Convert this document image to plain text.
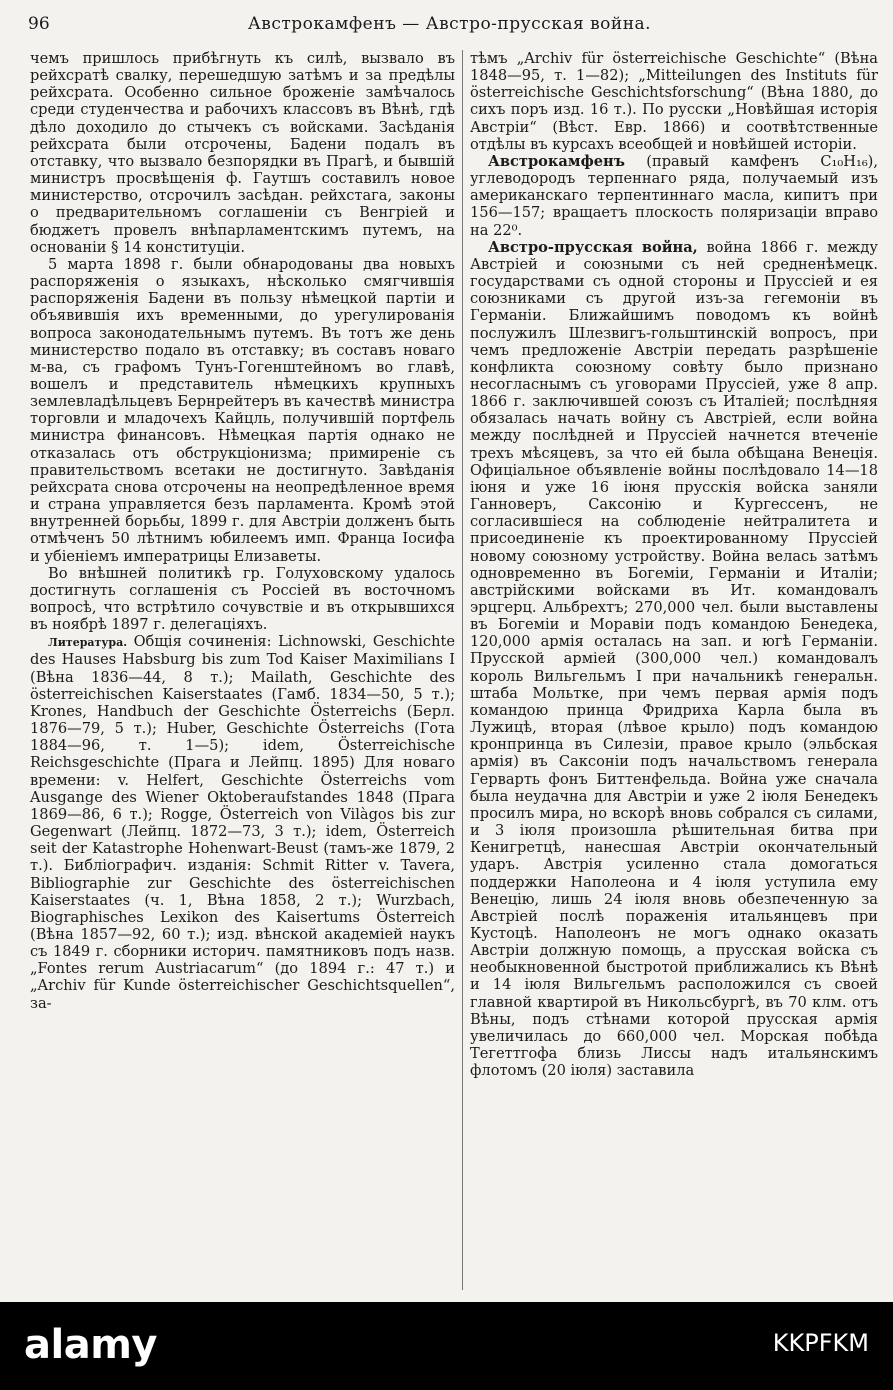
96	Австрокамфенъ — Австро-прусская война.

чемъ пришлось прибѣгнуть къ силѣ, вызвало въ рейхсратѣ свалку, перешедшую затѣмъ и за предѣлы рейхсрата. Особенно сильное броженіе замѣчалось среди студенчества и рабочихъ классовъ въ Вѣнѣ, гдѣ дѣло доходило до стычекъ съ войсками. Засѣданія рейхсрата были отсрочены, Бадени подалъ въ отставку, что вызвало безпорядки въ Прагѣ, и бывшій министръ просвѣщенія ф. Гаутшъ составилъ новое министерство, отсрочилъ засѣдан. рейхстага, законы о предварительномъ соглашеніи съ Венгріей и бюджетъ провелъ внѣпарламентскимъ путемъ, на основаніи § 14 конституціи.

5 марта 1898 г. были обнародованы два новыхъ распоряженія о языкахъ, нѣсколько смягчившія распоряженія Бадени въ пользу нѣмецкой партіи и объявившія ихъ временными, до урегулированія вопроса законодательнымъ путемъ. Въ тотъ же день министерство подало въ отставку; въ составъ новаго м-ва, съ графомъ Тунъ-Гогенштейномъ во главѣ, вошелъ и представитель нѣмецкихъ крупныхъ землевладѣльцевъ Бернрейтеръ въ качествѣ министра торговли и младочехъ Кайцль, получившій портфель министра финансовъ. Нѣмецкая партія однако не отказалась отъ обструкціонизма; примиреніе съ правительствомъ всетаки не достигнуто. Завѣданія рейхсрата снова отсрочены на неопредѣленное время и страна управляется безъ парламента. Кромѣ этой внутренней борьбы, 1899 г. для Австріи долженъ быть отмѣченъ 50 лѣтнимъ юбилеемъ имп. Франца Іосифа и убіеніемъ императрицы Елизаветы.

Во внѣшней политикѣ гр. Голуховскому удалось достигнуть соглашенія съ Россіей въ восточномъ вопросѣ, что встрѣтило сочувствіе и въ открывшихся въ ноябрѣ 1897 г. делегаціяхъ.

Литература. Общія сочиненія: Lichnowski, Geschichte des Hauses Habsburg bis zum Tod Kaiser Maximilians I (Вѣна 1836—44, 8 т.); Mailath, Geschichte des österreichischen Kaiserstaates (Гамб. 1834—50, 5 т.); Krones, Handbuch der Geschichte Österreichs (Берл. 1876—79, 5 т.); Huber, Geschichte Österreichs (Гота 1884—96, т. 1—5); idem, Österreichische Reichsgeschichte (Прага и Лейпц. 1895) Для новаго времени: v. Helfert, Geschichte Österreichs vom Ausgange des Wiener Oktoberaufstandes 1848 (Прага 1869—86, 6 т.); Rogge, Österreich von Vilàgos bis zur Gegenwart (Лейпц. 1872—73, 3 т.); idem, Österreich seit der Katastrophe Hohenwart-Beust (тамъ-же 1879, 2 т.). Библіографич. изданія: Schmit Ritter v. Tavera, Bibliographie zur Geschichte des österreichischen Kaiserstaates (ч. 1, Вѣна 1858, 2 т.); Wurzbach, Biographisches Lexikon des Kaisertums Österreich (Вѣна 1857—92, 60 т.); изд. вѣнской академіей наукъ съ 1849 г. сборники историч. памятниковъ подъ назв. „Fontes rerum Austriacarum“ (до 1894 г.: 47 т.) и „Archiv für Kunde österreichischer Geschichtsquellen“, за-

тѣмъ „Archiv für österreichische Geschichte“ (Вѣна 1848—95, т. 1—82); „Mitteilungen des Instituts für österreichische Geschichtsforschung“ (Вѣна 1880, до сихъ поръ изд. 16 т.). По русски „Новѣйшая исторія Австріи“ (Вѣст. Евр. 1866) и соотвѣтственные отдѣлы въ курсахъ всеобщей и новѣйшей исторіи.

Австрокамфенъ (правый камфенъ C₁₀H₁₆), углеводородъ терпеннаго ряда, получаемый изъ американскаго терпентиннаго масла, кипитъ при 156—157; вращаетъ плоскость поляризаціи вправо на 22⁰.

Австро-прусская война, война 1866 г. между Австріей и союзными съ ней средненѣмецк. государствами съ одной стороны и Пруссіей и ея союзниками съ другой изъ-за гегемоніи въ Германіи. Ближайшимъ поводомъ къ войнѣ послужилъ Шлезвигъ-гольштинскій вопросъ, при чемъ предложеніе Австріи передать разрѣшеніе конфликта союзному совѣту было признано несогласнымъ съ уговорами Пруссіей, уже 8 апр. 1866 г. заключившей союзъ съ Италіей; послѣдняя обязалась начать войну съ Австріей, если война между послѣдней и Пруссіей начнется втеченіе трехъ мѣсяцевъ, за что ей была обѣщана Венеція. Офиціальное объявленіе войны послѣдовало 14—18 іюня и уже 16 іюня прусскія войска заняли Ганноверъ, Саксонію и Кургессенъ, не согласившіеся на соблюденіе нейтралитета и присоединеніе къ проектированному Пруссіей новому союзному устройству. Война велась затѣмъ одновременно въ Богеміи, Германіи и Италіи; австрійскими войсками въ Ит. командовалъ эрцгерц. Альбрехтъ; 270,000 чел. были выставлены въ Богеміи и Моравіи подъ командою Бенедека, 120,000 армія осталась на зап. и югѣ Германіи. Прусской арміей (300,000 чел.) командовалъ король Вильгельмъ I при начальникѣ генеральн. штаба Мольтке, при чемъ первая армія подъ командою принца Фридриха Карла была въ Лужицѣ, вторая (лѣвое крыло) подъ командою кронпринца въ Силезіи, правое крыло (эльбская армія) въ Саксоніи подъ начальствомъ генерала Герварть фонъ Биттенфельда. Война уже сначала была неудачна для Австріи и уже 2 іюля Бенедекъ просилъ мира, но вскорѣ вновь собрался съ силами, и 3 іюля произошла рѣшительная битва при Кенигретцѣ, нанесшая Австріи окончательный ударъ. Австрія усиленно стала домогаться поддержки Наполеона и 4 іюля уступила ему Венецію, лишь 24 іюля вновь обезпеченную за Австріей послѣ пораженія итальянцевъ при Кустоцѣ. Наполеонъ не могъ однако оказать Австріи должную помощь, а прусская войска съ необыкновенной быстротой приближались къ Вѣнѣ и 14 іюля Вильгельмъ расположился съ своей главной квартирой въ Никольсбургѣ, въ 70 клм. отъ Вѣны, подъ стѣнами которой прусская армія увеличилась до 660,000 чел. Морская побѣда Тегеттгофа близь Лиссы надъ итальянскимъ флотомъ (20 іюля) заставила

alamy	KKPFKM
